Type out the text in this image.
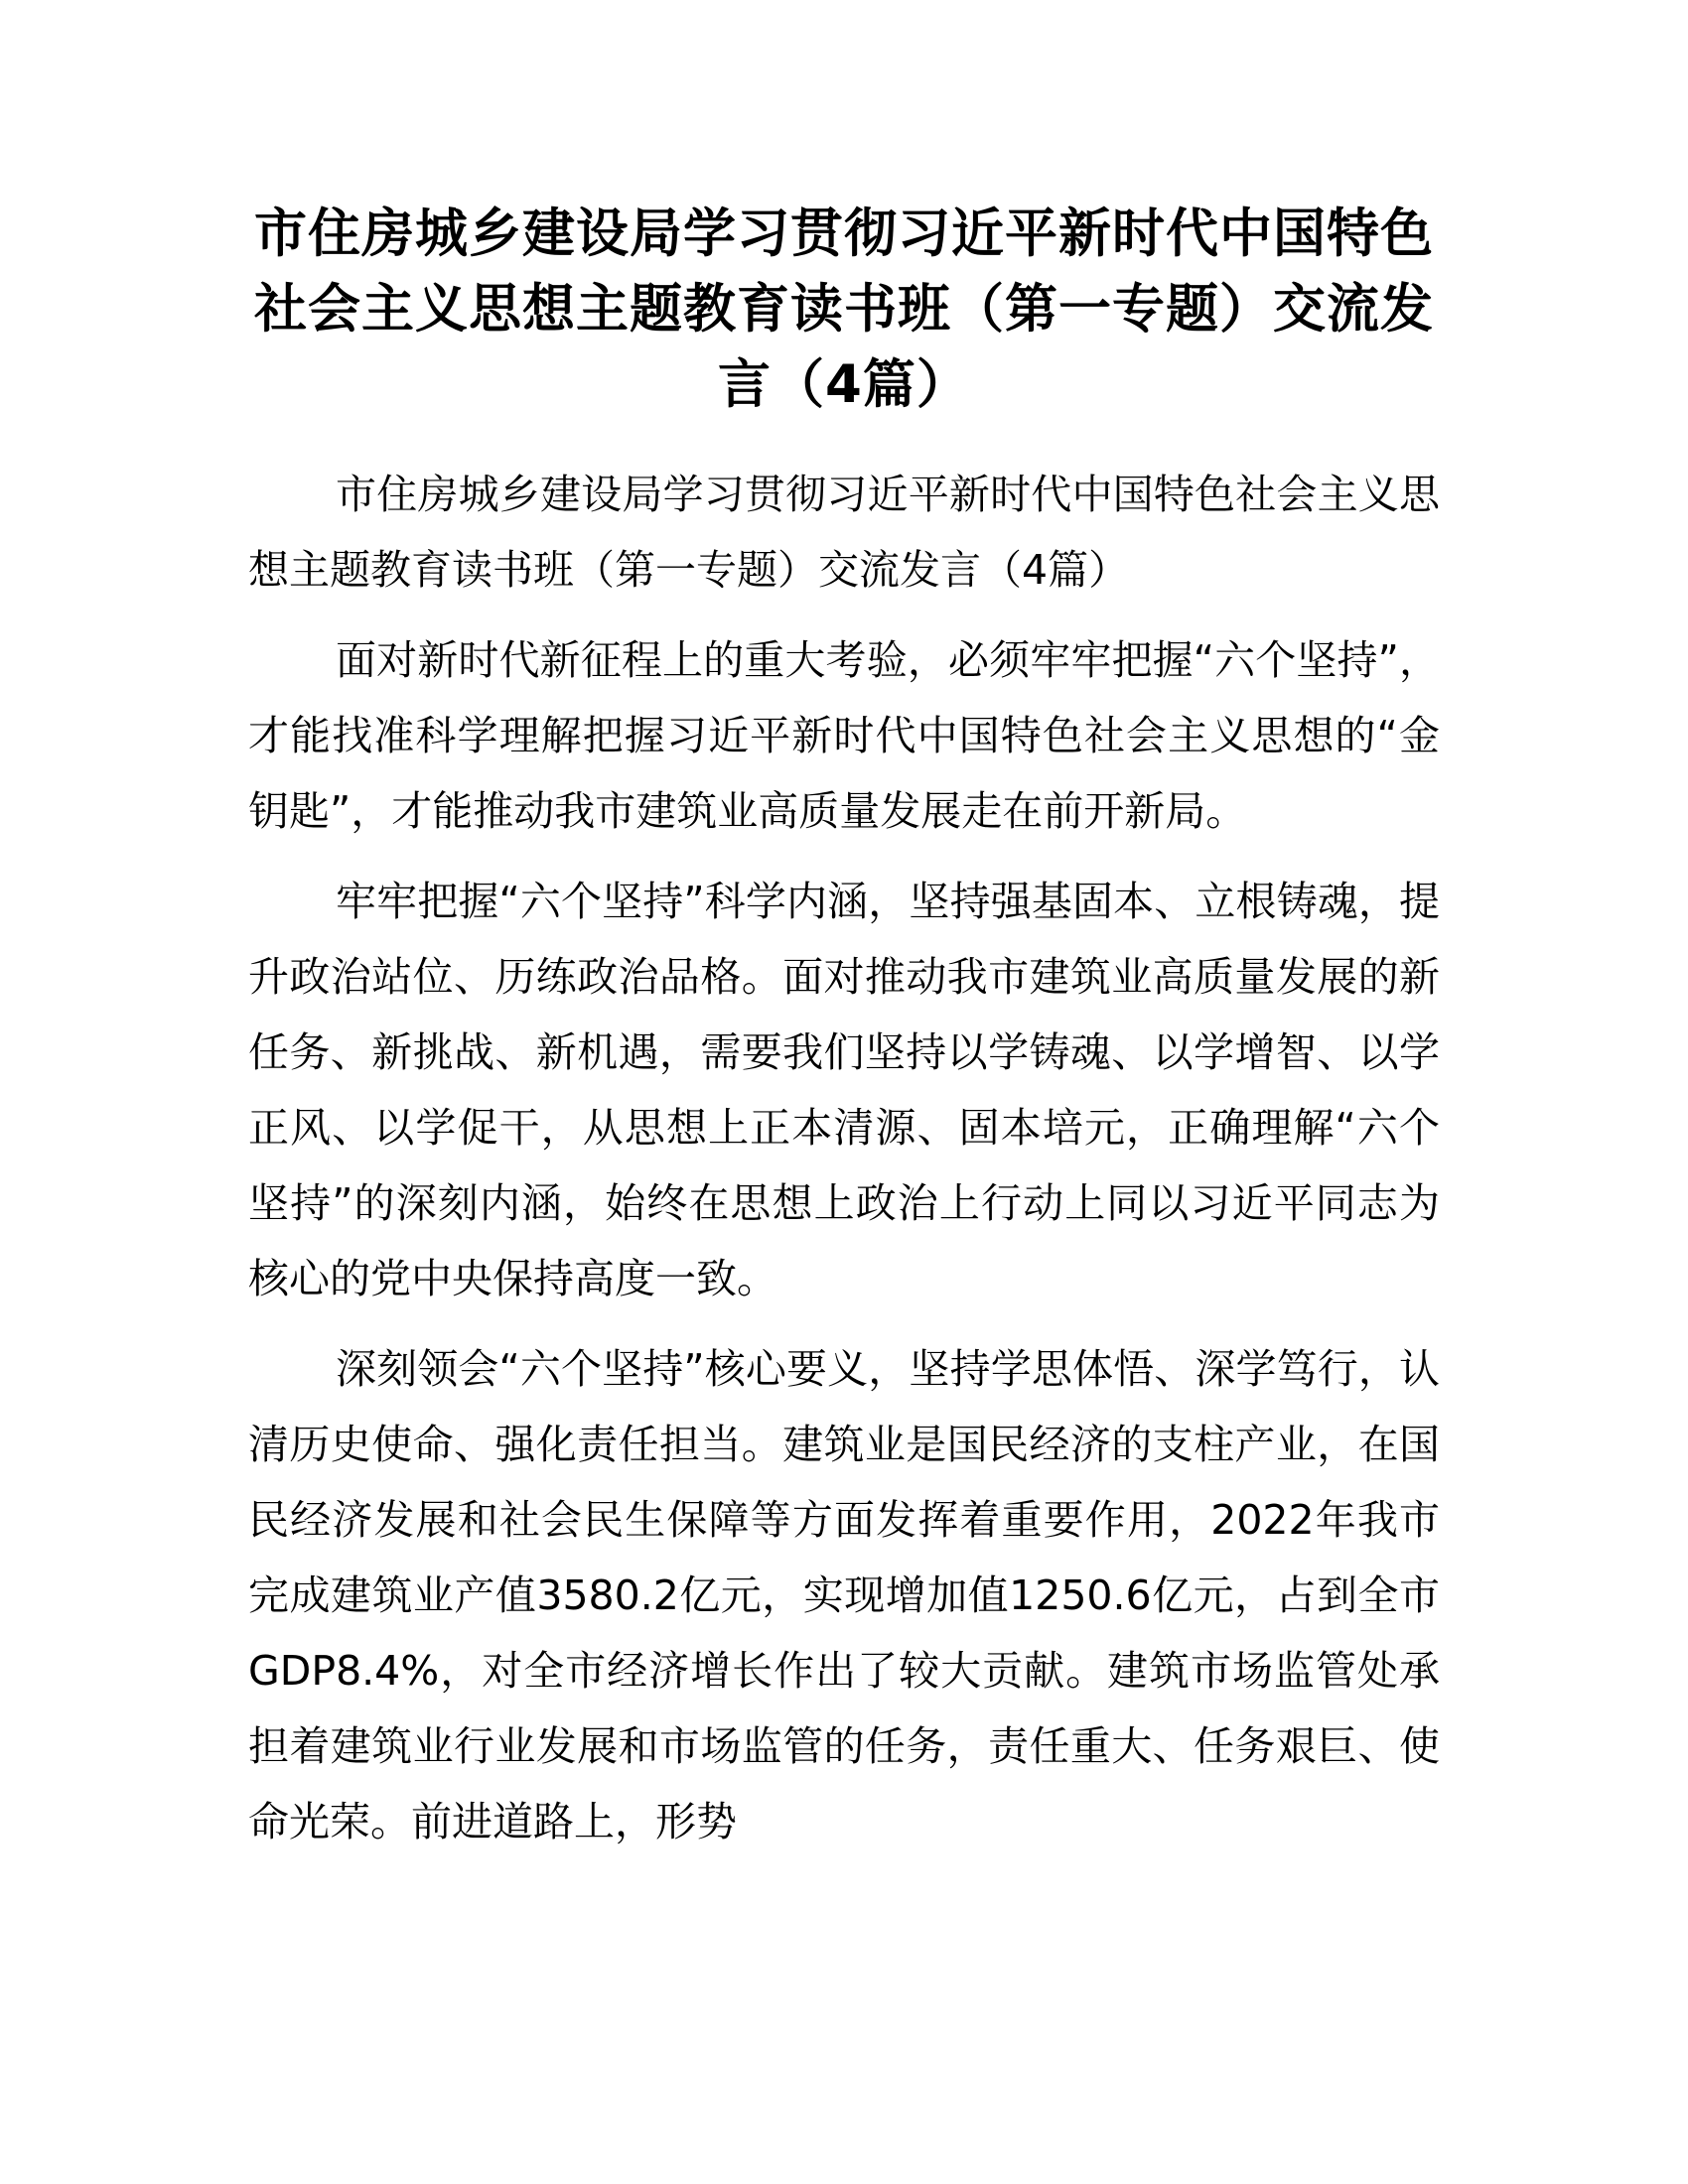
市住房城乡建设局学习贯彻习近平新时代中国特色社会主义思想主题教育读书班（第一专题）交流发言（4篇）

市住房城乡建设局学习贯彻习近平新时代中国特色社会主义思想主题教育读书班（第一专题）交流发言（4篇）

面对新时代新征程上的重大考验，必须牢牢把握“六个坚持”，才能找准科学理解把握习近平新时代中国特色社会主义思想的“金钥匙”，才能推动我市建筑业高质量发展走在前开新局。

牢牢把握“六个坚持”科学内涵，坚持强基固本、立根铸魂，提升政治站位、历练政治品格。面对推动我市建筑业高质量发展的新任务、新挑战、新机遇，需要我们坚持以学铸魂、以学增智、以学正风、以学促干，从思想上正本清源、固本培元，正确理解“六个坚持”的深刻内涵，始终在思想上政治上行动上同以习近平同志为核心的党中央保持高度一致。

深刻领会“六个坚持”核心要义，坚持学思体悟、深学笃行，认清历史使命、强化责任担当。建筑业是国民经济的支柱产业，在国民经济发展和社会民生保障等方面发挥着重要作用，2022年我市完成建筑业产值3580.2亿元，实现增加值1250.6亿元，占到全市GDP8.4%，对全市经济增长作出了较大贡献。建筑市场监管处承担着建筑业行业发展和市场监管的任务，责任重大、任务艰巨、使命光荣。前进道路上，形势
